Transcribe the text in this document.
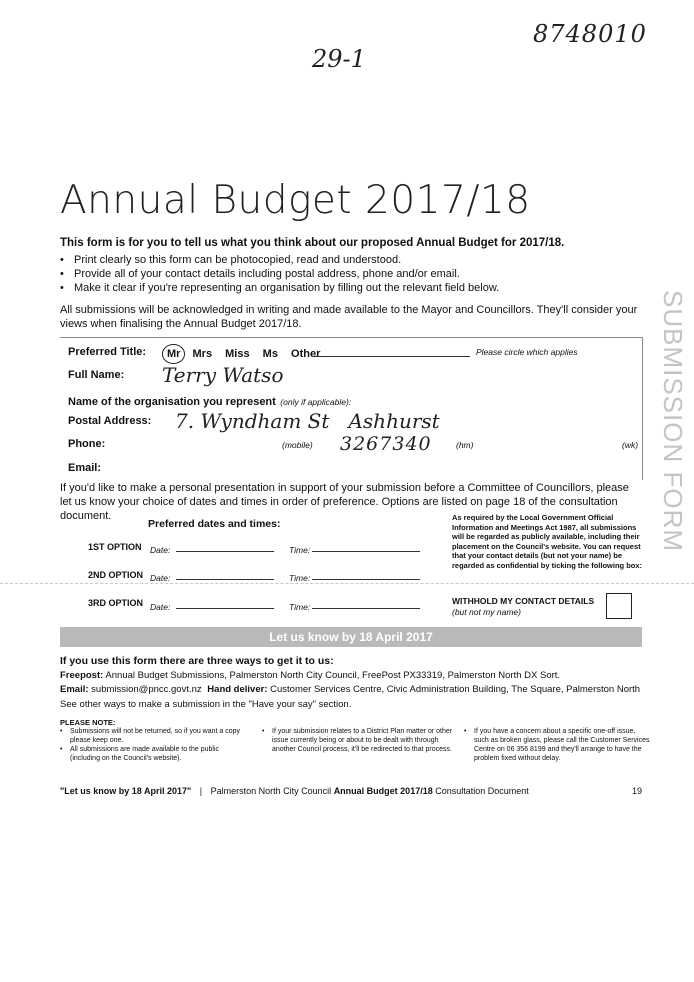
8748010
29-1
Annual Budget 2017/18
This form is for you to tell us what you think about our proposed Annual Budget for 2017/18.
• Print clearly so this form can be photocopied, read and understood.
• Provide all of your contact details including postal address, phone and/or email.
• Make it clear if you're representing an organisation by filling out the relevant field below.
All submissions will be acknowledged in writing and made available to the Mayor and Councillors. They'll consider your views when finalising the Annual Budget 2017/18.
Preferred Title:	Mr Mrs Miss Ms Other	Please circle which applies
Full Name: Terry Watso
Name of the organisation you represent (only if applicable):
Postal Address: 7. Wyndham St   Ashhurst
Phone:	(mobile) 3267340	(hm)	(wk)
Email:
If you'd like to make a personal presentation in support of your submission before a Committee of Councillors, please let us know your choice of dates and times in order of preference. Options are listed on page 18 of the consultation document.
Preferred dates and times:
1ST OPTION Date:	Time:
2ND OPTION Date:	Time:
3RD OPTION Date:	Time:
As required by the Local Government Official Information and Meetings Act 1987, all submissions will be regarded as publicly available, including their placement on the Council's website. You can request that your contact details (but not your name) be regarded as confidential by ticking the following box:
WITHHOLD MY CONTACT DETAILS
(but not my name)
Let us know by 18 April 2017
If you use this form there are three ways to get it to us:
Freepost: Annual Budget Submissions, Palmerston North City Council, FreePost PX33319, Palmerston North DX Sort.
Email: submission@pncc.govt.nz Hand deliver: Customer Services Centre, Civic Administration Building, The Square, Palmerston North
See other ways to make a submission in the "Have your say" section.
PLEASE NOTE:
• Submissions will not be returned, so if you want a copy please keep one.
• All submissions are made available to the public (including on the Council's website).
• If your submission relates to a District Plan matter or other issue currently being or about to be dealt with through another Council process, it'll be redirected to that process.
• If you have a concern about a specific one-off issue, such as broken glass, please call the Customer Services Centre on 06 356 8199 and they'll arrange to have the problem fixed without delay.
"Let us know by 18 April 2017" | Palmerston North City Council Annual Budget 2017/18 Consultation Document	19
SUBMISSION FORM
